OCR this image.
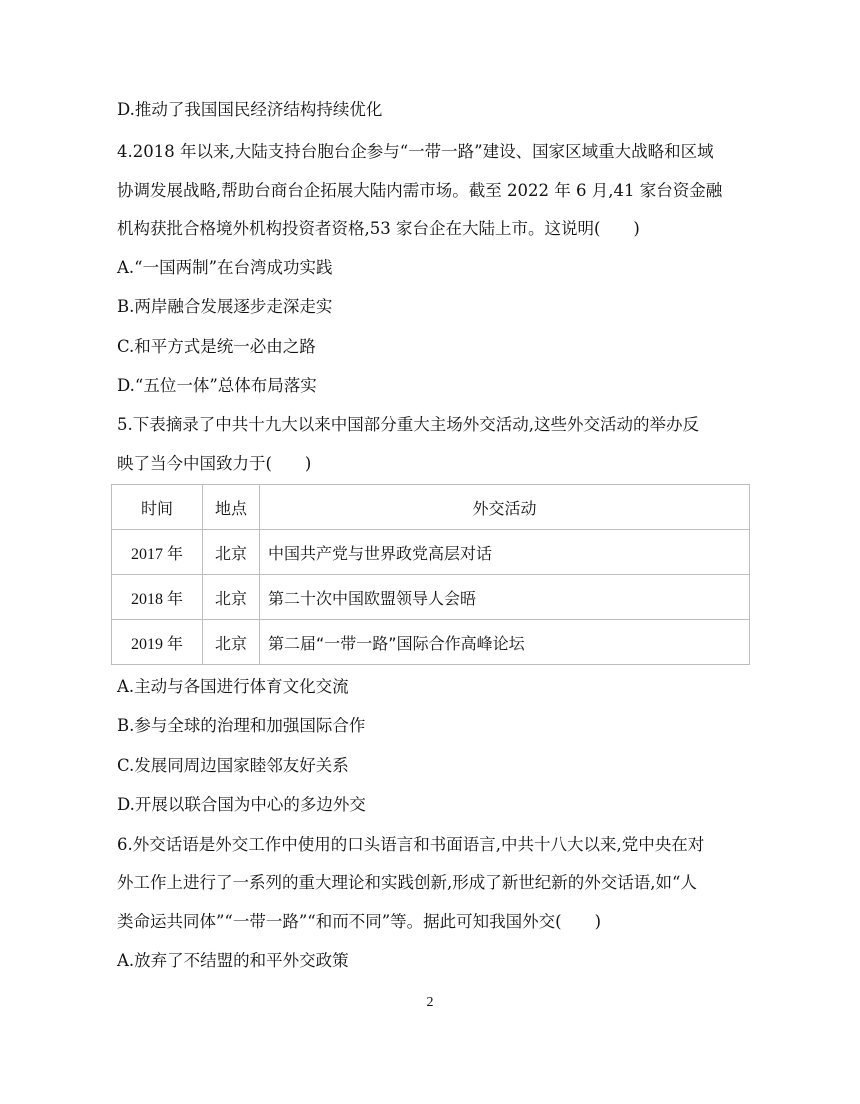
D.推动了我国国民经济结构持续优化
4.2018 年以来,大陆支持台胞台企参与“一带一路”建设、国家区域重大战略和区域
协调发展战略,帮助台商台企拓展大陆内需市场。截至 2022 年 6 月,41 家台资金融
机构获批合格境外机构投资者资格,53 家台企在大陆上市。这说明(　　)
A.“一国两制”在台湾成功实践
B.两岸融合发展逐步走深走实
C.和平方式是统一必由之路
D.“五位一体”总体布局落实
5.下表摘录了中共十九大以来中国部分重大主场外交活动,这些外交活动的举办反
映了当今中国致力于(　　)
时间	地点	外交活动
2017 年	北京	中国共产党与世界政党高层对话
2018 年	北京	第二十次中国欧盟领导人会晤
2019 年	北京	第二届“一带一路”国际合作高峰论坛
A.主动与各国进行体育文化交流
B.参与全球的治理和加强国际合作
C.发展同周边国家睦邻友好关系
D.开展以联合国为中心的多边外交
6.外交话语是外交工作中使用的口头语言和书面语言,中共十八大以来,党中央在对
外工作上进行了一系列的重大理论和实践创新,形成了新世纪新的外交话语,如“人
类命运共同体”“一带一路”“和而不同”等。据此可知我国外交(　　)
A.放弃了不结盟的和平外交政策
2
